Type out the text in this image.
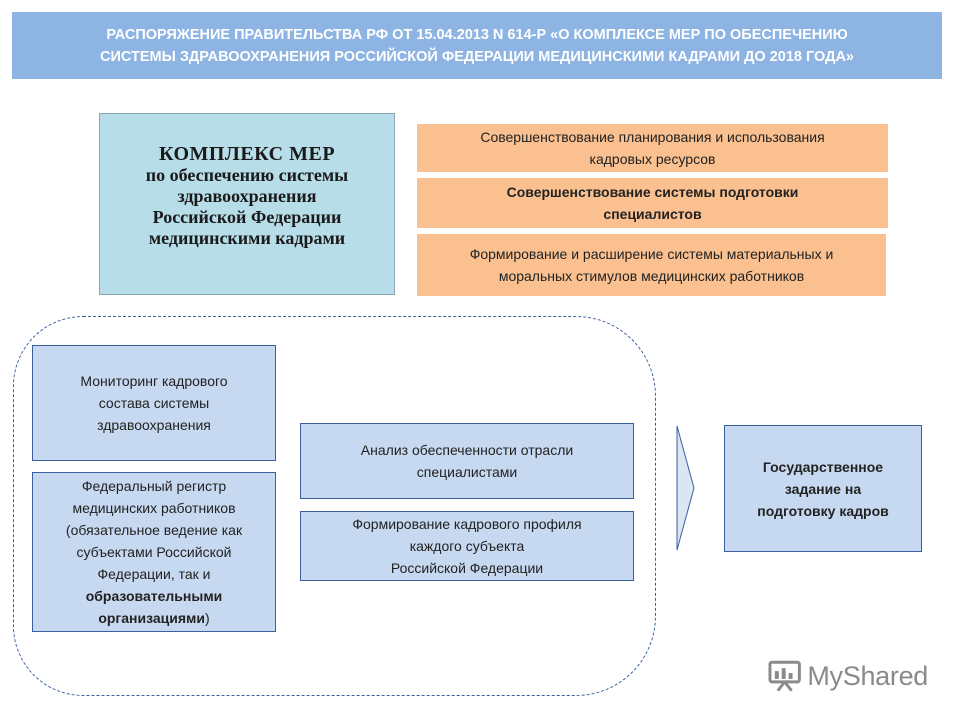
РАСПОРЯЖЕНИЕ ПРАВИТЕЛЬСТВА РФ ОТ 15.04.2013 N 614-Р «О КОМПЛЕКСЕ МЕР ПО ОБЕСПЕЧЕНИЮ
СИСТЕМЫ ЗДРАВООХРАНЕНИЯ РОССИЙСКОЙ ФЕДЕРАЦИИ МЕДИЦИНСКИМИ КАДРАМИ ДО 2018 ГОДА»
КОМПЛЕКС МЕР
по обеспечению системы
здравоохранения
Российской Федерации
медицинскими кадрами
Совершенствование планирования и использования
кадровых ресурсов
Совершенствование системы подготовки
специалистов
Формирование и расширение системы материальных и
моральных стимулов медицинских работников
Мониторинг кадрового
состава системы
здравоохранения
Федеральный регистр
медицинских работников
(обязательное ведение как
субъектами Российской
Федерации, так и
образовательными
организациями)
Анализ обеспеченности отрасли
специалистами
Формирование кадрового профиля
каждого субъекта
Российской Федерации
Государственное
задание на
подготовку кадров
MyShared
